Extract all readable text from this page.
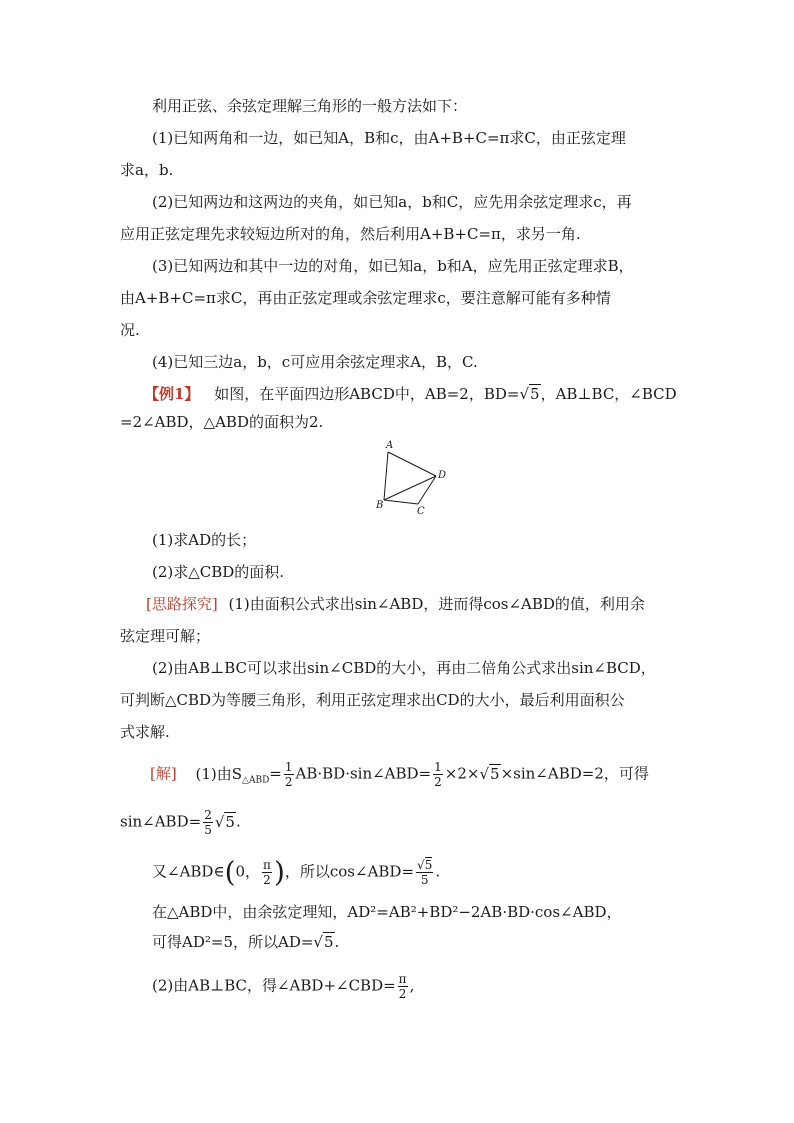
利用正弦、余弦定理解三角形的一般方法如下：
(1)已知两角和一边，如已知A，B和c，由A+B+C=π求C，由正弦定理
求a，b.
(2)已知两边和这两边的夹角，如已知a，b和C，应先用余弦定理求c，再
应用正弦定理先求较短边所对的角，然后利用A+B+C=π，求另一角.
(3)已知两边和其中一边的对角，如已知a，b和A，应先用正弦定理求B，
由A+B+C=π求C，再由正弦定理或余弦定理求c，要注意解可能有多种情
况.
(4)已知三边a，b，c可应用余弦定理求A，B，C.
【例1】 如图，在平面四边形ABCD中，AB=2，BD=√5，AB⊥BC，∠BCD
=2∠ABD，△ABD的面积为2.
A
D
B
C
(1)求AD的长；
(2)求△CBD的面积.
[思路探究] (1)由面积公式求出sin∠ABD，进而得cos∠ABD的值，利用余
弦定理可解；
(2)由AB⊥BC可以求出sin∠CBD的大小，再由二倍角公式求出sin∠BCD，
可判断△CBD为等腰三角形，利用正弦定理求出CD的大小，最后利用面积公
式求解.
[解] (1)由$S_{\triangle ABD}= \frac{1}{2}$ AB·BD·sin∠ABD= $\frac{1}{2}$ ×2×√5×sin∠ABD=2，可得
sin∠ABD= $\frac{2}{5} √5$.
又∠ABD∈(0， $\frac{\pi}{2}$ )，所以cos∠ABD= $\frac{√5}{5}$ .
在△ABD中，由余弦定理知，AD²=AB²+BD²−2AB·BD·cos∠ABD，
可得AD²=5，所以AD=√5.
(2)由AB⊥BC，得∠ABD+∠CBD= $\frac{\pi}{2}$ ,
